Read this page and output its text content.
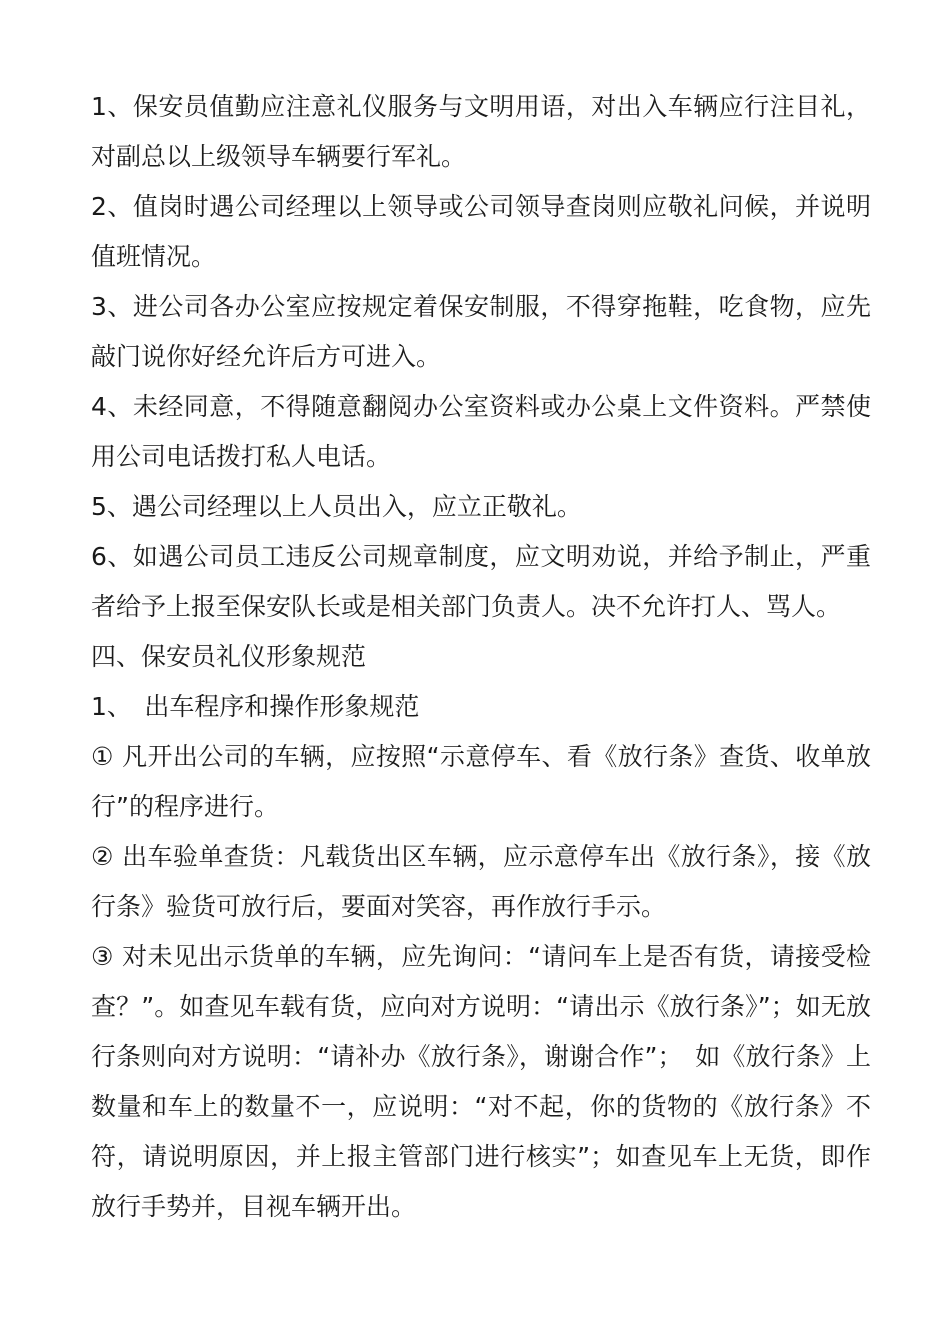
1、保安员值勤应注意礼仪服务与文明用语，对出入车辆应行注目礼，对副总以上级领导车辆要行军礼。

2、值岗时遇公司经理以上领导或公司领导查岗则应敬礼问候，并说明值班情况。

3、进公司各办公室应按规定着保安制服，不得穿拖鞋，吃食物，应先敲门说你好经允许后方可进入。

4、未经同意，不得随意翻阅办公室资料或办公桌上文件资料。严禁使用公司电话拨打私人电话。

5、遇公司经理以上人员出入，应立正敬礼。

6、如遇公司员工违反公司规章制度，应文明劝说，并给予制止，严重者给予上报至保安队长或是相关部门负责人。决不允许打人、骂人。

四、保安员礼仪形象规范

1、　出车程序和操作形象规范

① 凡开出公司的车辆，应按照“示意停车、看《放行条》查货、收单放行”的程序进行。

② 出车验单查货：凡载货出区车辆，应示意停车出《放行条》，接《放行条》验货可放行后，要面对笑容，再作放行手示。

③ 对未见出示货单的车辆，应先询问：“请问车上是否有货，请接受检查？”。如查见车载有货，应向对方说明：“请出示《放行条》”；如无放行条则向对方说明：“请补办《放行条》，谢谢合作”；　如《放行条》上数量和车上的数量不一，应说明：“对不起，你的货物的《放行条》不符，请说明原因，并上报主管部门进行核实”；如查见车上无货，即作放行手势并，目视车辆开出。
